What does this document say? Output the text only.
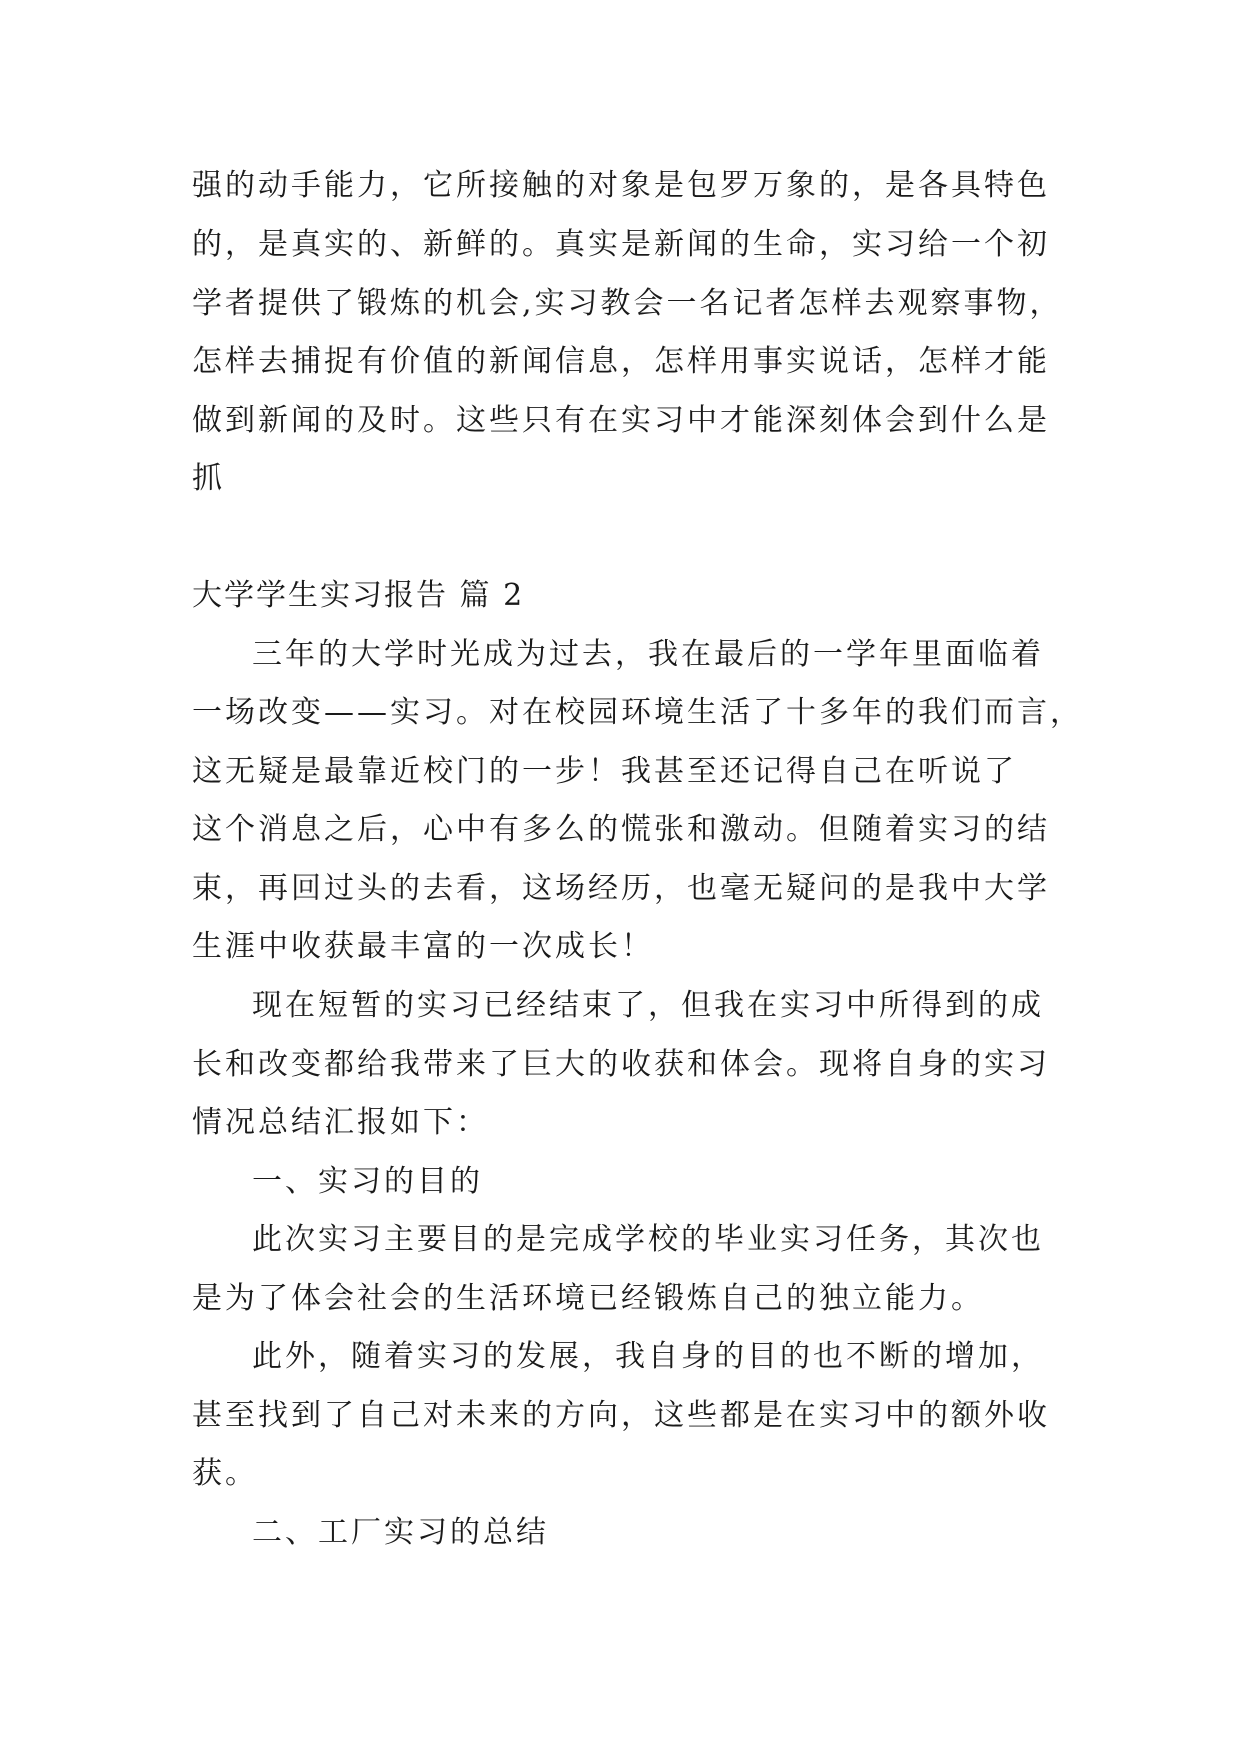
强的动手能力，它所接触的对象是包罗万象的，是各具特色

的，是真实的、新鲜的。真实是新闻的生命，实习给一个初

学者提供了锻炼的机会,实习教会一名记者怎样去观察事物，

怎样去捕捉有价值的新闻信息，怎样用事实说话，怎样才能

做到新闻的及时。这些只有在实习中才能深刻体会到什么是

抓

大学学生实习报告 篇 2

三年的大学时光成为过去，我在最后的一学年里面临着

一场改变——实习。对在校园环境生活了十多年的我们而言，

这无疑是最靠近校门的一步！我甚至还记得自己在听说了

这个消息之后，心中有多么的慌张和激动。但随着实习的结

束，再回过头的去看，这场经历，也毫无疑问的是我中大学

生涯中收获最丰富的一次成长！

现在短暂的实习已经结束了，但我在实习中所得到的成

长和改变都给我带来了巨大的收获和体会。现将自身的实习

情况总结汇报如下：

一、实习的目的

此次实习主要目的是完成学校的毕业实习任务，其次也

是为了体会社会的生活环境已经锻炼自己的独立能力。

此外，随着实习的发展，我自身的目的也不断的增加，

甚至找到了自己对未来的方向，这些都是在实习中的额外收

获。

二、工厂实习的总结
